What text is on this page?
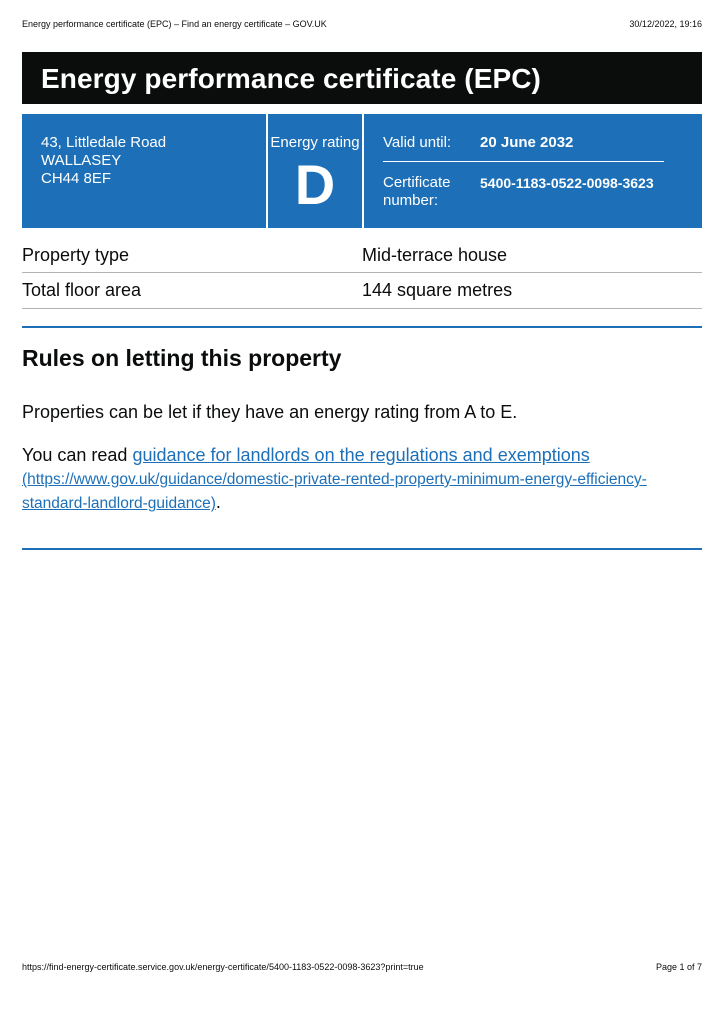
Energy performance certificate (EPC) – Find an energy certificate – GOV.UK	30/12/2022, 19:16
Energy performance certificate (EPC)
43, Littledale Road
WALLASEY
CH44 8EF
Energy rating
D
Valid until: 20 June 2032
Certificate number:
5400-1183-0522-0098-3623
Property type	Mid-terrace house
Total floor area	144 square metres
Rules on letting this property

Properties can be let if they have an energy rating from A to E.

You can read guidance for landlords on the regulations and exemptions
(https://www.gov.uk/guidance/domestic-private-rented-property-minimum-energy-efficiency-standard-landlord-guidance).

https://find-energy-certificate.service.gov.uk/energy-certificate/5400-1183-0522-0098-3623?print=true	Page 1 of 7
